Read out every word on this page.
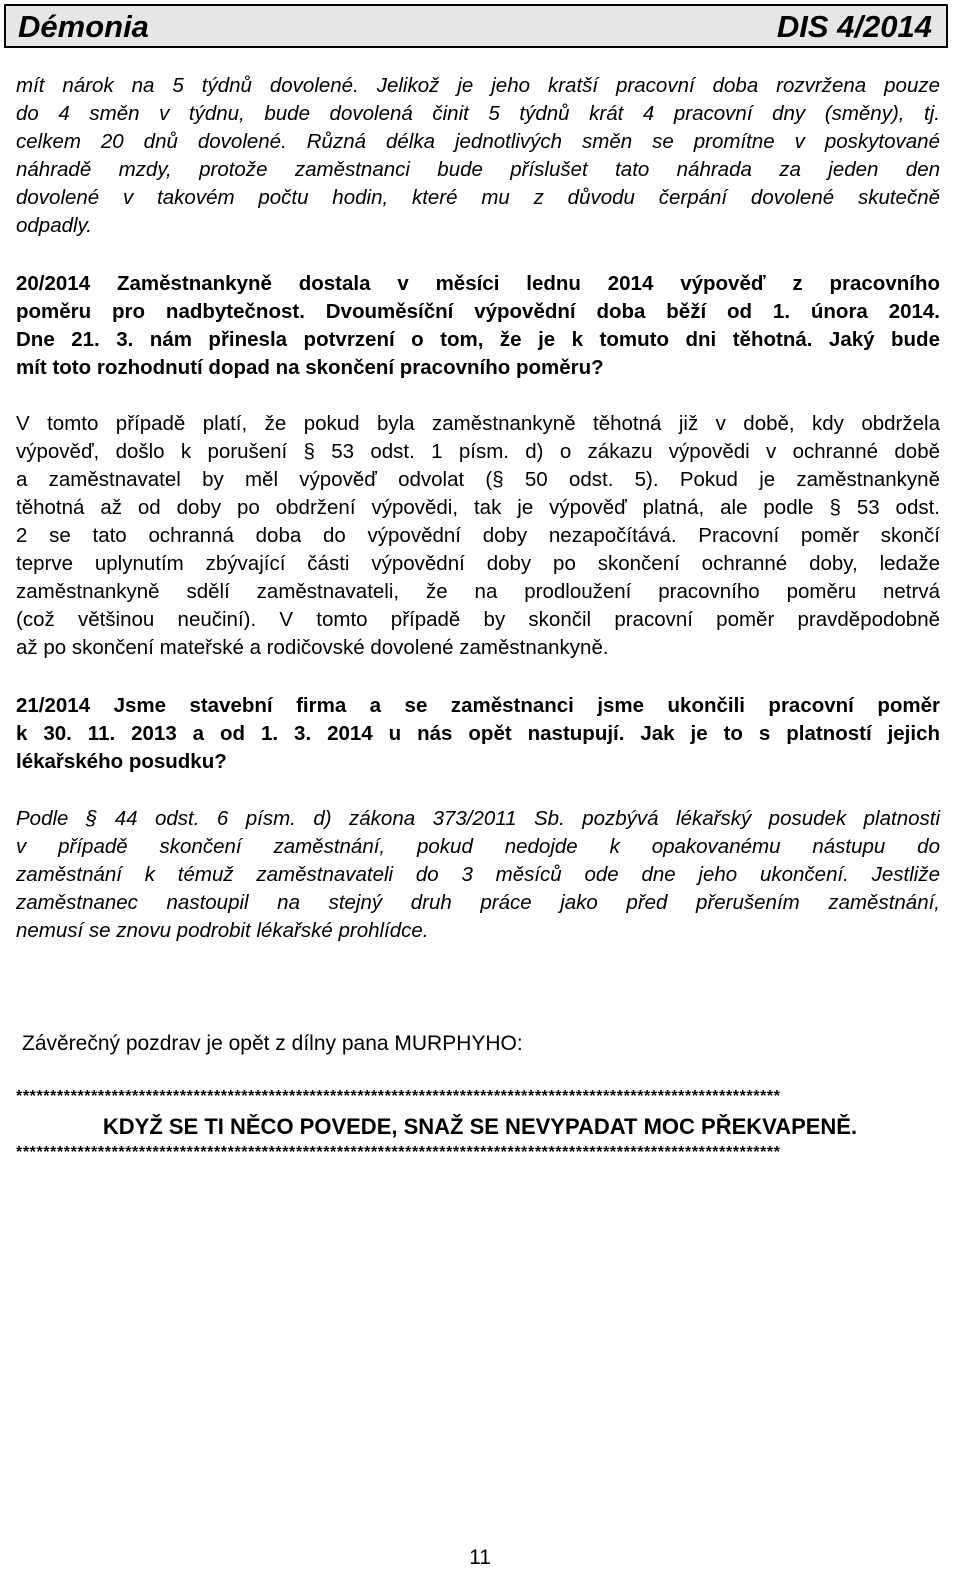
Démonia	DIS 4/2014
mít nárok na 5 týdnů dovolené. Jelikož je jeho kratší pracovní doba rozvržena pouze
do 4 směn v týdnu, bude dovolená činit 5 týdnů krát 4 pracovní dny (směny), tj.
celkem 20 dnů dovolené. Různá délka jednotlivých směn se promítne v poskytované
náhradě mzdy, protože zaměstnanci bude příslušet tato náhrada za jeden den
dovolené v takovém počtu hodin, které mu z důvodu čerpání dovolené skutečně
odpadly.
20/2014 Zaměstnankyně dostala v měsíci lednu 2014 výpověď z pracovního
poměru pro nadbytečnost. Dvouměsíční výpovědní doba běží od 1. února 2014.
Dne 21. 3. nám přinesla potvrzení o tom, že je k tomuto dni těhotná. Jaký bude
mít toto rozhodnutí dopad na skončení pracovního poměru?
V tomto případě platí, že pokud byla zaměstnankyně těhotná již v době, kdy obdržela
výpověď, došlo k porušení § 53 odst. 1 písm. d) o zákazu výpovědi v ochranné době
a zaměstnavatel by měl výpověď odvolat (§ 50 odst. 5). Pokud je zaměstnankyně
těhotná až od doby po obdržení výpovědi, tak je výpověď platná, ale podle § 53 odst.
2 se tato ochranná doba do výpovědní doby nezapočítává. Pracovní poměr skončí
teprve uplynutím zbývající části výpovědní doby po skončení ochranné doby, ledaže
zaměstnankyně sdělí zaměstnavateli, že na prodloužení pracovního poměru netrvá
(což většinou neučiní). V tomto případě by skončil pracovní poměr pravděpodobně
až po skončení mateřské a rodičovské dovolené zaměstnankyně.
21/2014 Jsme stavební firma a se zaměstnanci jsme ukončili pracovní poměr
k 30. 11. 2013 a od 1. 3. 2014 u nás opět nastupují. Jak je to s platností jejich
lékařského posudku?
Podle § 44 odst. 6 písm. d) zákona 373/2011 Sb. pozbývá lékařský posudek platnosti
v případě skončení zaměstnání, pokud nedojde k opakovanému nástupu do
zaměstnání k témuž zaměstnavateli do 3 měsíců ode dne jeho ukončení. Jestliže
zaměstnanec nastoupil na stejný druh práce jako před přerušením zaměstnání,
nemusí se znovu podrobit lékařské prohlídce.
Závěrečný pozdrav je opět z dílny pana MURPHYHO:
****************************************************************************************************************
KDYŽ SE TI NĚCO POVEDE, SNAŽ SE NEVYPADAT MOC PŘEKVAPENĚ.
****************************************************************************************************************
11
